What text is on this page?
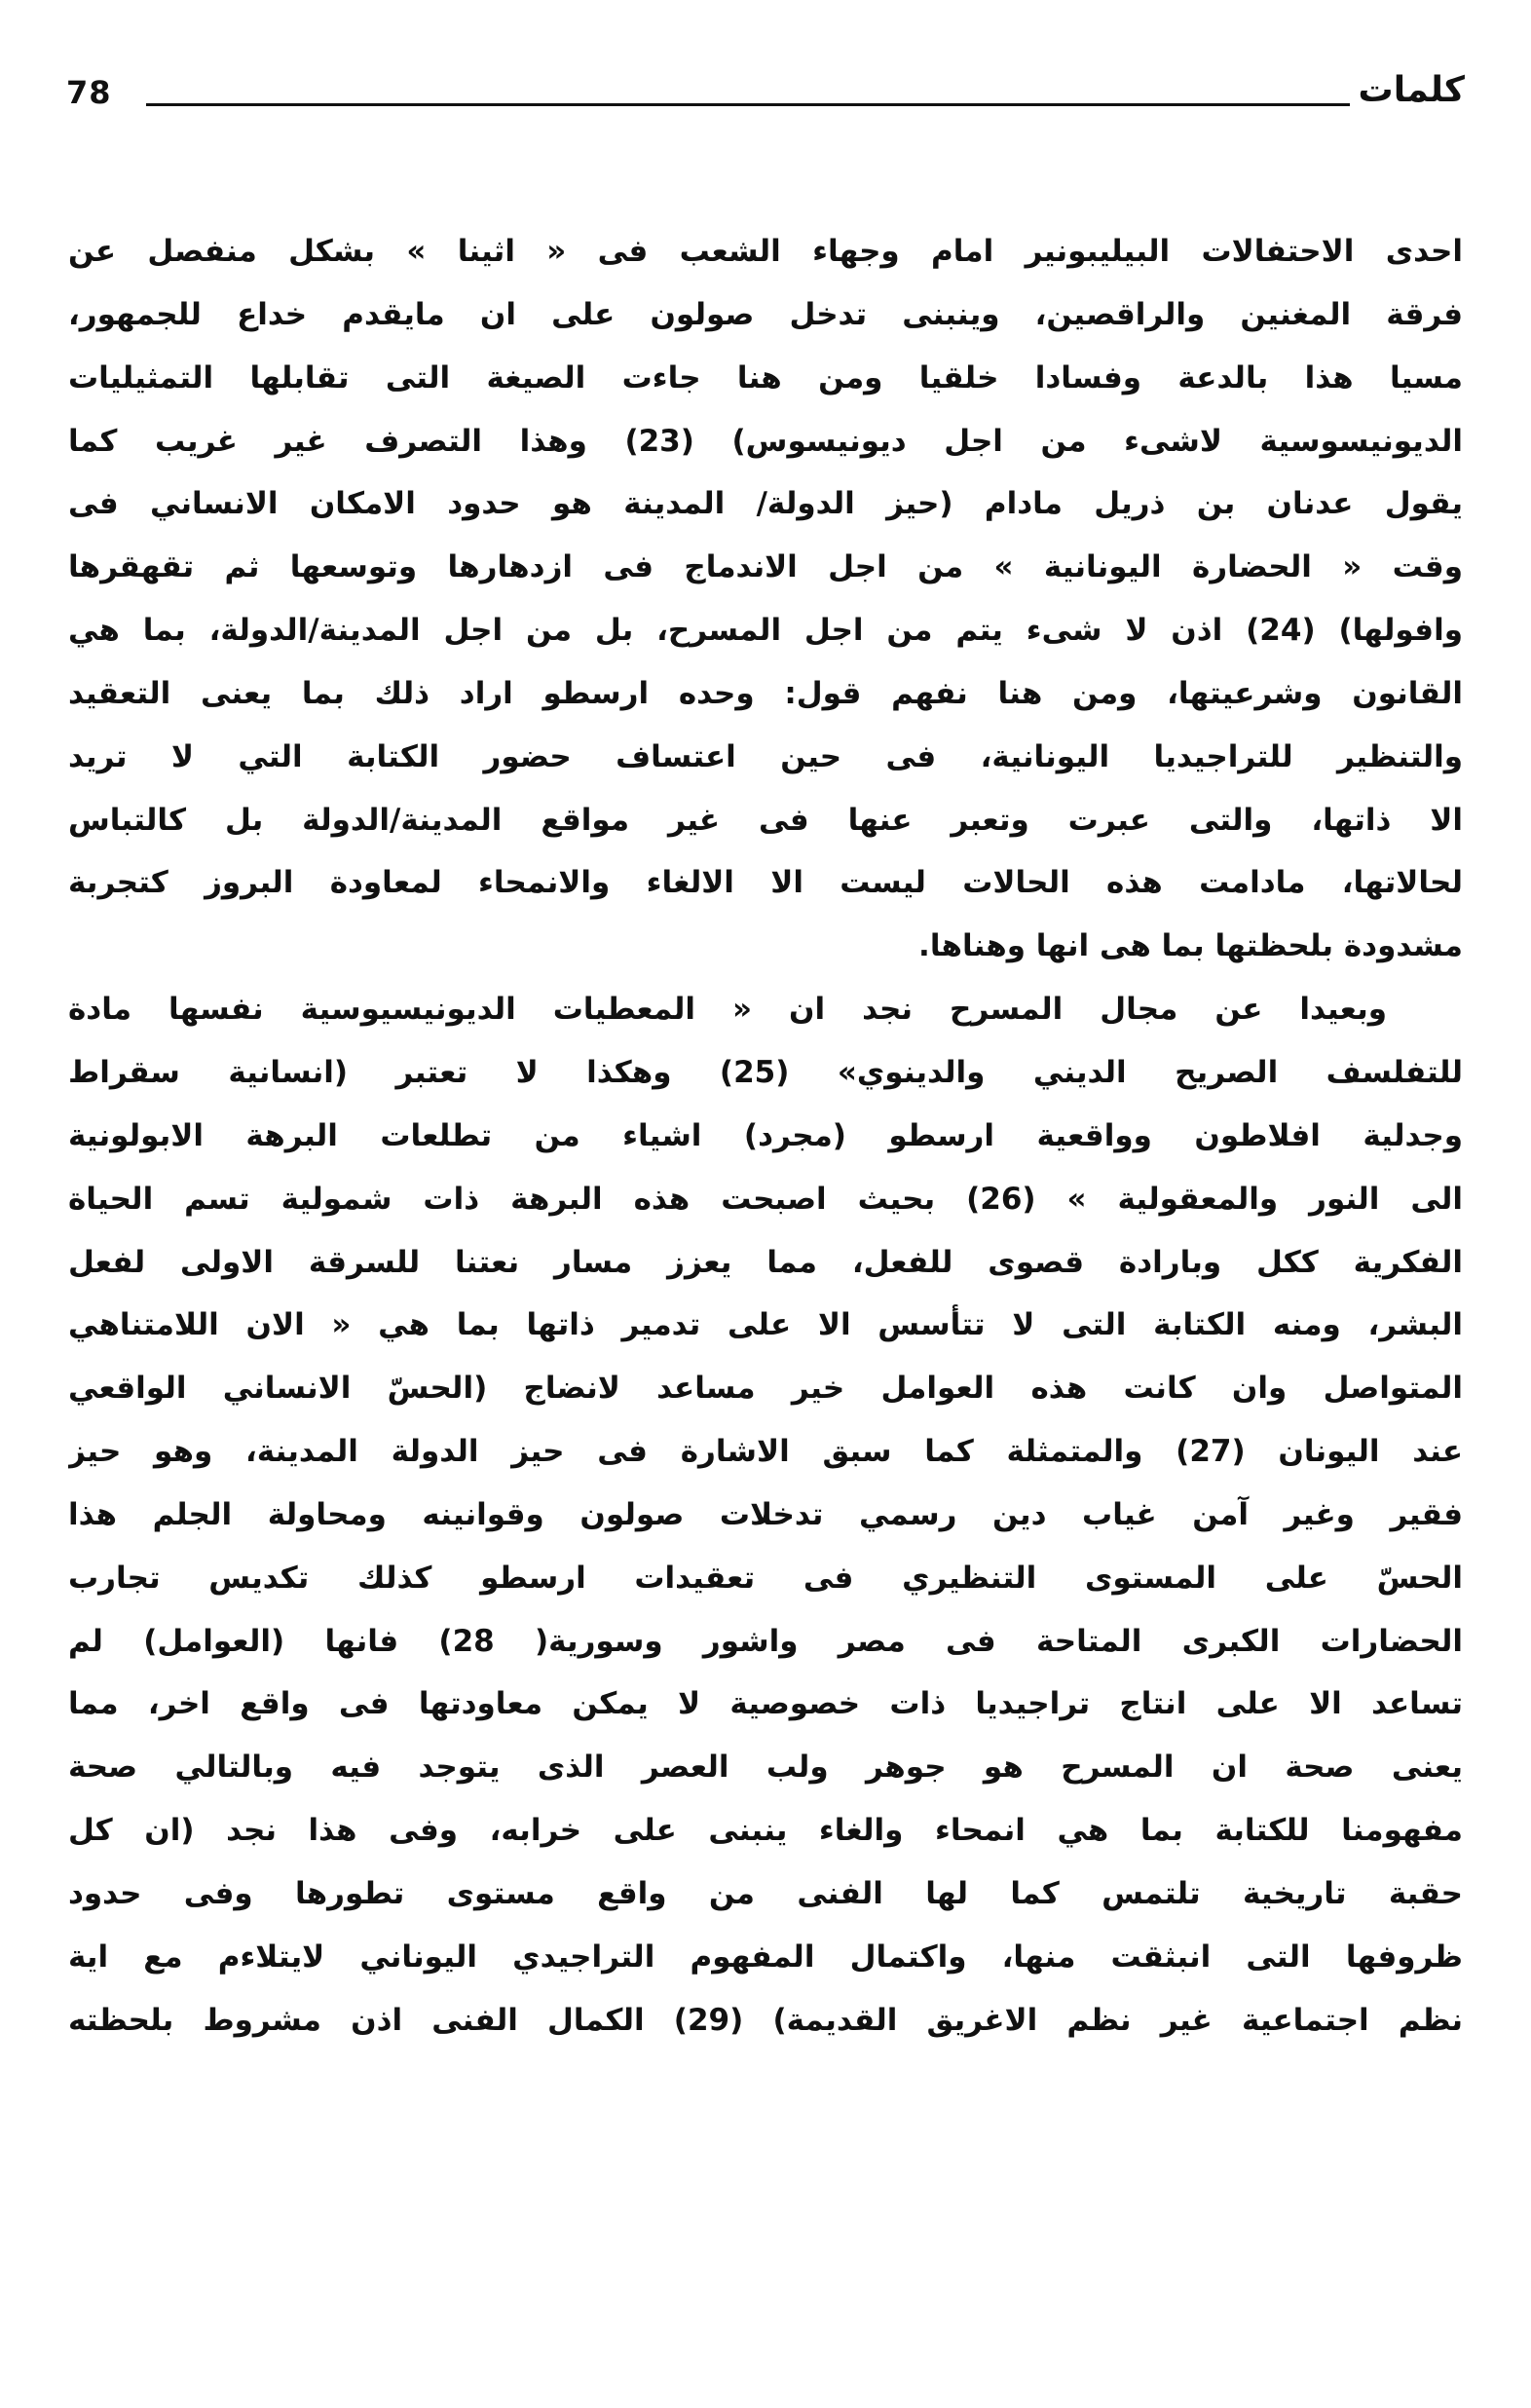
78	كلمات
احدى الاحتفالات البيليبونير امام وجهاء الشعب فى « اثينا » بشكل منفصل عن
فرقة المغنين والراقصين، وينبنى تدخل صولون على ان مايقدم خداع للجمهور،
مسيا هذا بالدعة وفسادا خلقيا ومن هنا جاءت الصيغة التى تقابلها التمثيليات
الديونيسوسية لاشىء من اجل ديونيسوس) (23) وهذا التصرف غير غريب كما
يقول عدنان بن ذريل مادام (حيز الدولة/ المدينة هو حدود الامكان الانساني فى
وقت « الحضارة اليونانية » من اجل الاندماج فى ازدهارها وتوسعها ثم تقهقرها
وافولها) (24) اذن لا شىء يتم من اجل المسرح، بل من اجل المدينة/الدولة، بما هي
القانون وشرعيتها، ومن هنا نفهم قول: وحده ارسطو اراد ذلك بما يعنى التعقيد
والتنظير للتراجيديا اليونانية، فى حين اعتساف حضور الكتابة التي لا تريد
الا ذاتها، والتى عبرت وتعبر عنها فى غير مواقع المدينة/الدولة بل كالتباس
لحالاتها، مادامت هذه الحالات ليست الا الالغاء والانمحاء لمعاودة البروز كتجربة
مشدودة بلحظتها بما هى انها وهناها.
وبعيدا عن مجال المسرح نجد ان « المعطيات الديونيسيوسية نفسها مادة
للتفلسف الصريح الديني والدينوي» (25) وهكذا لا تعتبر (انسانية سقراط
وجدلية افلاطون وواقعية ارسطو (مجرد) اشياء من تطلعات البرهة الابولونية
الى النور والمعقولية » (26) بحيث اصبحت هذه البرهة ذات شمولية تسم الحياة
الفكرية ككل وبارادة قصوى للفعل، مما يعزز مسار نعتنا للسرقة الاولى لفعل
البشر، ومنه الكتابة التى لا تتأسس الا على تدمير ذاتها بما هي « الان اللامتناهي
المتواصل وان كانت هذه العوامل خير مساعد لانضاج (الحسّ الانساني الواقعي
عند اليونان (27) والمتمثلة كما سبق الاشارة فى حيز الدولة المدينة، وهو حيز
فقير وغير آمن غياب دين رسمي تدخلات صولون وقوانينه ومحاولة الجلم هذا
الحسّ على المستوى التنظيري فى تعقيدات ارسطو كذلك تكديس تجارب
الحضارات الكبرى المتاحة فى مصر واشور وسورية( 28) فانها (العوامل) لم
تساعد الا على انتاج تراجيديا ذات خصوصية لا يمكن معاودتها فى واقع اخر، مما
يعنى صحة ان المسرح هو جوهر ولب العصر الذى يتوجد فيه وبالتالي صحة
مفهومنا للكتابة بما هي انمحاء والغاء ينبنى على خرابه، وفى هذا نجد (ان كل
حقبة تاريخية تلتمس كما لها الفنى من واقع مستوى تطورها وفى حدود
ظروفها التى انبثقت منها، واكتمال المفهوم التراجيدي اليوناني لايتلاءم مع اية
نظم اجتماعية غير نظم الاغريق القديمة) (29) الكمال الفنى اذن مشروط بلحظته
